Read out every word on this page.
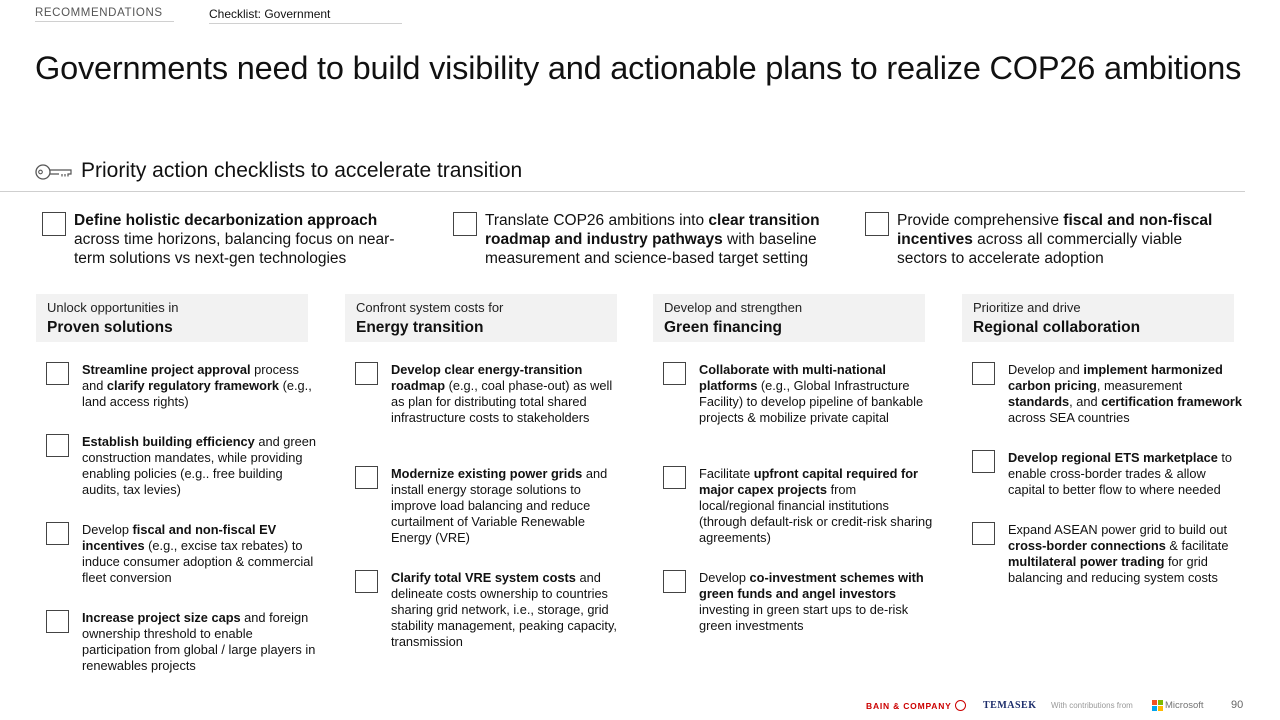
RECOMMENDATIONS	Checklist: Government
Governments need to build visibility and actionable plans to realize COP26 ambitions
Priority action checklists to accelerate transition
Define holistic decarbonization approach across time horizons, balancing focus on near-term solutions vs next-gen technologies
Translate COP26 ambitions into clear transition roadmap and industry pathways with baseline measurement and science-based target setting
Provide comprehensive fiscal and non-fiscal incentives across all commercially viable sectors to accelerate adoption
Unlock opportunities in
Proven solutions
Streamline project approval process and clarify regulatory framework (e.g., land access rights)
Establish building efficiency and green construction mandates, while providing enabling policies (e.g.. free building audits, tax levies)
Develop fiscal and non-fiscal EV incentives (e.g., excise tax rebates) to induce consumer adoption & commercial fleet conversion
Increase project size caps and foreign ownership threshold to enable participation from global / large players in renewables projects
Confront system costs for
Energy transition
Develop clear energy-transition roadmap (e.g., coal phase-out) as well as plan for distributing total shared infrastructure costs to stakeholders
Modernize existing power grids and install energy storage solutions to improve load balancing and reduce curtailment of Variable Renewable Energy (VRE)
Clarify total VRE system costs and delineate costs ownership to countries sharing grid network, i.e., storage, grid stability management, peaking capacity, transmission
Develop and strengthen
Green financing
Collaborate with multi-national platforms (e.g., Global Infrastructure Facility) to develop pipeline of bankable projects & mobilize private capital
Facilitate upfront capital required for major capex projects from local/regional financial institutions (through default-risk or credit-risk sharing agreements)
Develop co-investment schemes with green funds and angel investors investing in green start ups to de-risk green investments
Prioritize and drive
Regional collaboration
Develop and implement harmonized carbon pricing, measurement standards, and certification framework across SEA countries
Develop regional ETS marketplace to enable cross-border trades & allow capital to better flow to where needed
Expand ASEAN power grid to build out cross-border connections & facilitate multilateral power trading for grid balancing and reducing system costs
BAIN & COMPANY	TEMASEK With contributions from	Microsoft 90
